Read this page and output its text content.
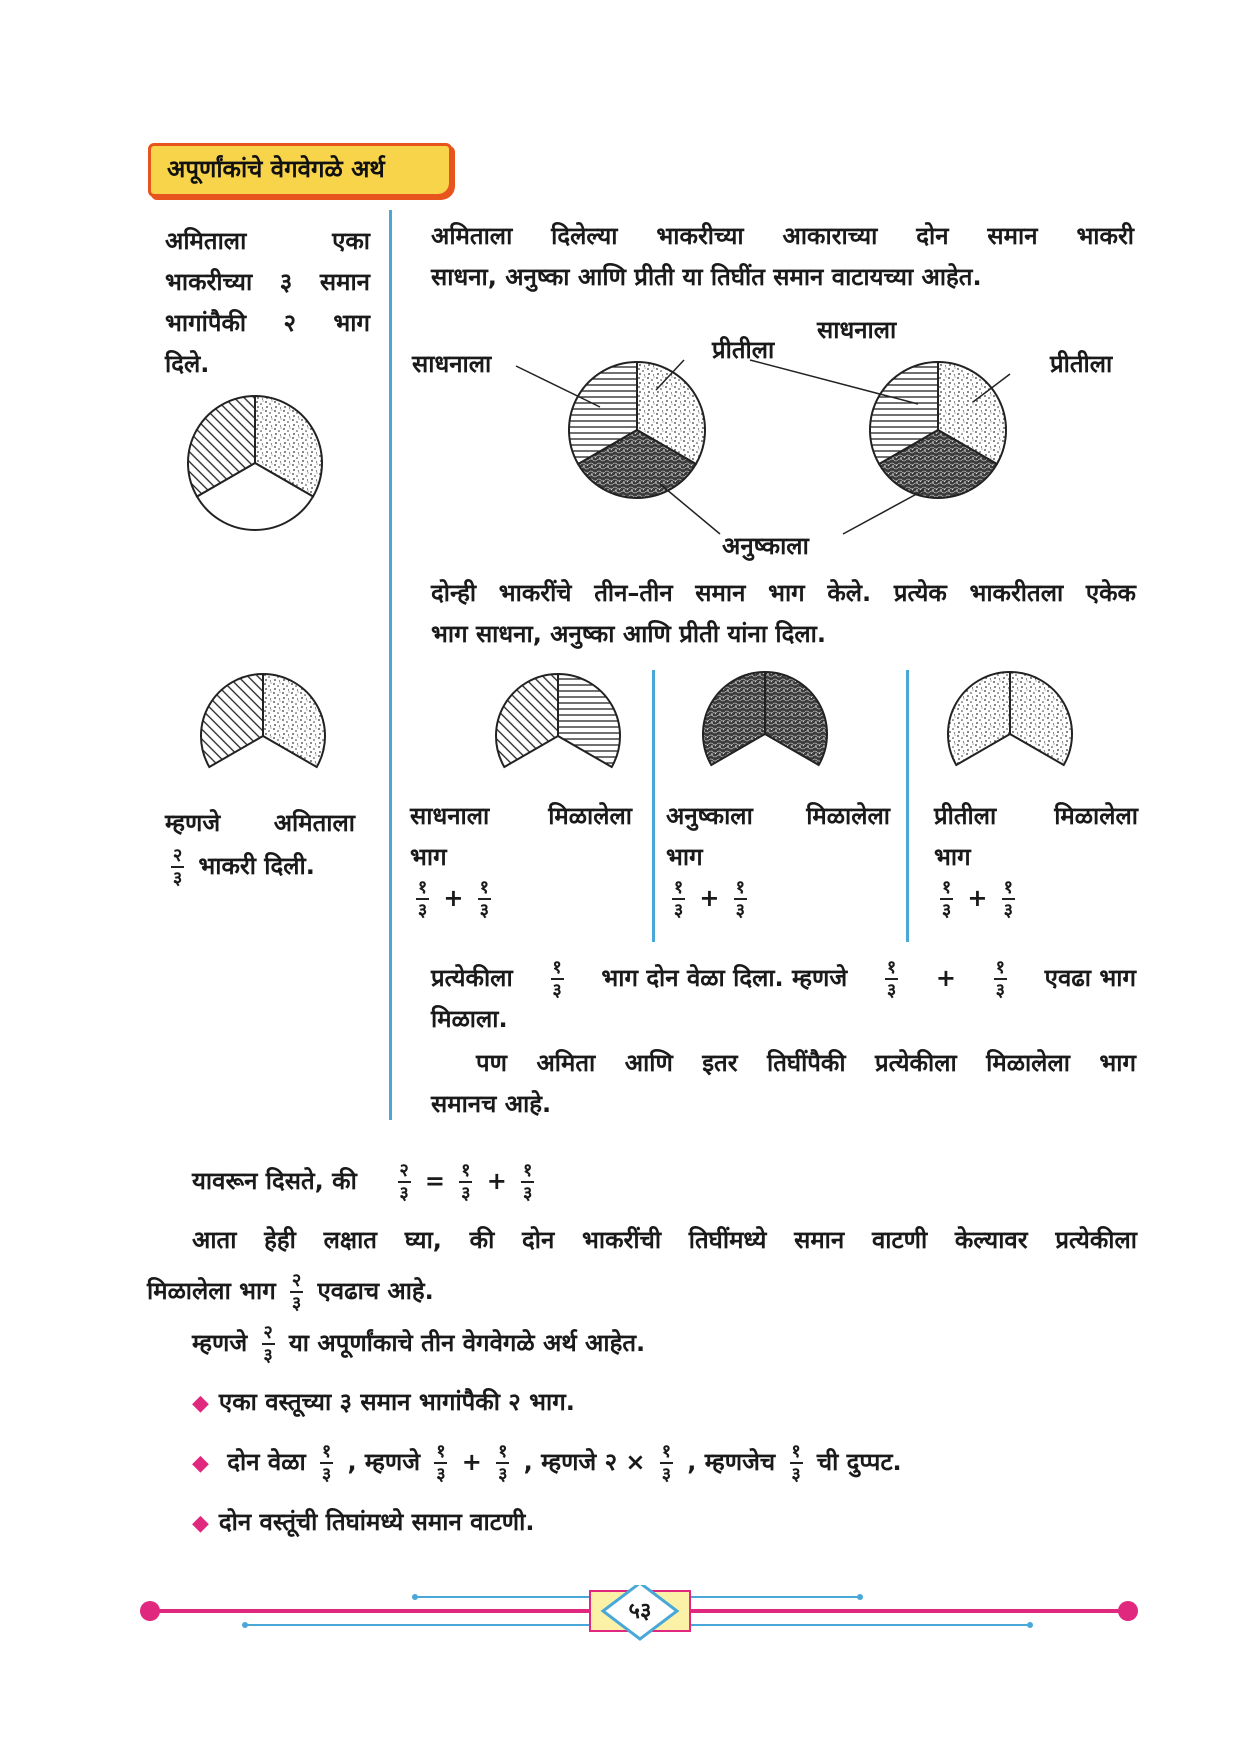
अपूर्णांकांचे वेगवेगळे अर्थ
अमिताला एका
भाकरीच्या ३ समान
भागांपैकी २ भाग
दिले.
म्हणजे अमिताला
$\frac{२}{३}$ भाकरी दिली.
अमिताला दिलेल्या भाकरीच्या आकाराच्या दोन समान भाकरी
साधना, अनुष्का आणि प्रीती या तिघींत समान वाटायच्या आहेत.
साधनाला	प्रीतीला
साधनाला
प्रीतीला
अनुष्काला
दोन्ही भाकरींचे तीन–तीन समान भाग केले. प्रत्येक भाकरीतला एकेक
भाग साधना, अनुष्का आणि प्रीती यांना दिला.
साधनाला मिळालेला
भाग
$\frac{१}{३} + \frac{१}{३}$
अनुष्काला मिळालेला
भाग
$\frac{१}{३} + \frac{१}{३}$
प्रीतीला मिळालेला
भाग
$\frac{१}{३} + \frac{१}{३}$
प्रत्येकीला $\frac{१}{३}$ भाग दोन वेळा दिला. म्हणजे $\frac{१}{३} + \frac{१}{३}$ एवढा भाग
मिळाला.
पण अमिता आणि इतर तिघींपैकी प्रत्येकीला मिळालेला भाग
समानच आहे.
यावरून दिसते, की $\frac{२}{३} = \frac{१}{३} + \frac{१}{३}$
आता हेही लक्षात घ्या, की दोन भाकरींची तिघींमध्ये समान वाटणी केल्यावर प्रत्येकीला
मिळालेला भाग $\frac{२}{३}$ एवढाच आहे.
म्हणजे $\frac{२}{३}$ या अपूर्णांकाचे तीन वेगवेगळे अर्थ आहेत.
◆ एका वस्तूच्या ३ समान भागांपैकी २ भाग.
◆ दोन वेळा $\frac{१}{३}$ , म्हणजे $\frac{१}{३} + \frac{१}{३}$ , म्हणजे २ × $\frac{१}{३}$ , म्हणजेच $\frac{१}{३}$ ची दुप्पट.
◆ दोन वस्तूंची तिघांमध्ये समान वाटणी.
५३
